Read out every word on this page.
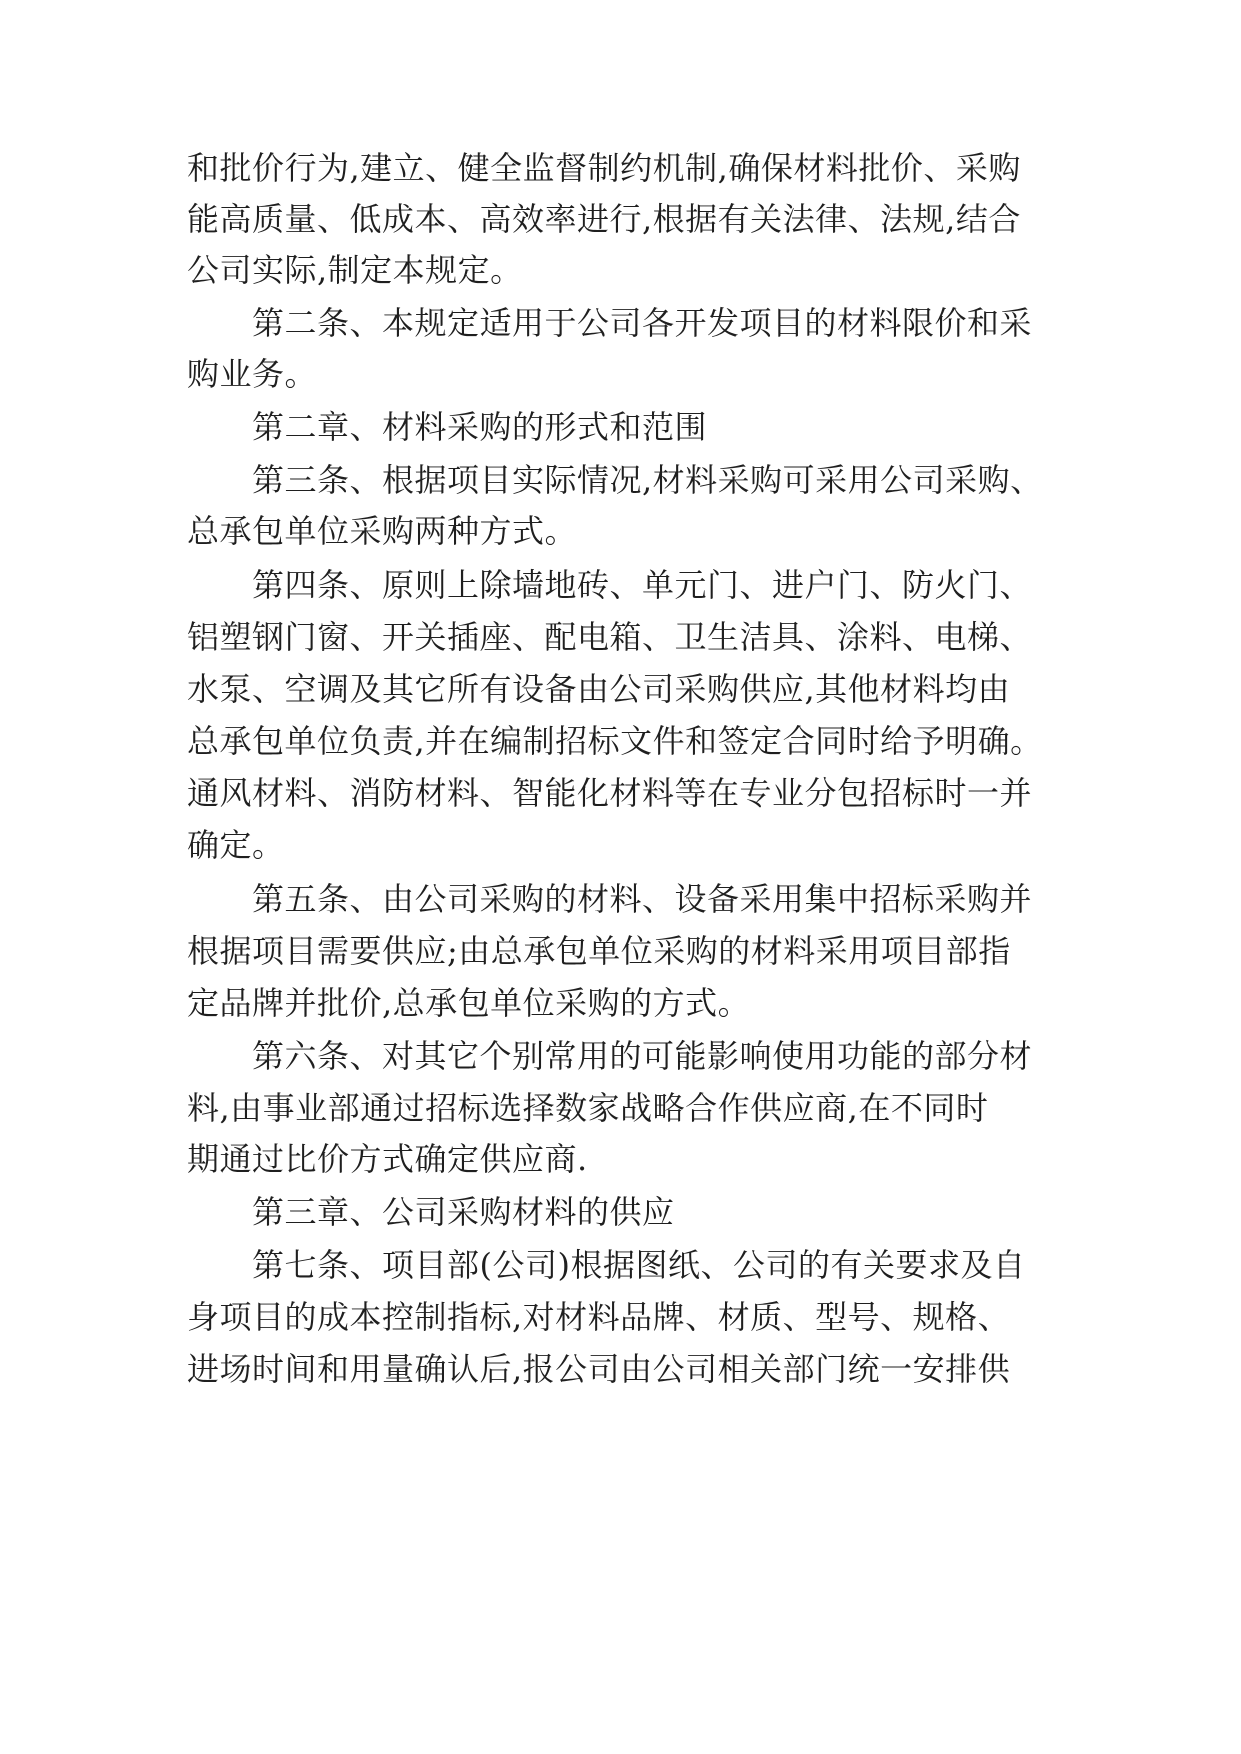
和批价行为,建立、健全监督制约机制,确保材料批价、采购
能高质量、低成本、高效率进行,根据有关法律、法规,结合
公司实际,制定本规定。
第二条、本规定适用于公司各开发项目的材料限价和采
购业务。
第二章、材料采购的形式和范围
第三条、根据项目实际情况,材料采购可采用公司采购、
总承包单位采购两种方式。
第四条、原则上除墙地砖、单元门、进户门、防火门、
铝塑钢门窗、开关插座、配电箱、卫生洁具、涂料、电梯、
水泵、空调及其它所有设备由公司采购供应,其他材料均由
总承包单位负责,并在编制招标文件和签定合同时给予明确。
通风材料、消防材料、智能化材料等在专业分包招标时一并
确定。
第五条、由公司采购的材料、设备采用集中招标采购并
根据项目需要供应;由总承包单位采购的材料采用项目部指
定品牌并批价,总承包单位采购的方式。
第六条、对其它个别常用的可能影响使用功能的部分材
料,由事业部通过招标选择数家战略合作供应商,在不同时
期通过比价方式确定供应商.
第三章、公司采购材料的供应
第七条、项目部(公司)根据图纸、公司的有关要求及自
身项目的成本控制指标,对材料品牌、材质、型号、规格、
进场时间和用量确认后,报公司由公司相关部门统一安排供
